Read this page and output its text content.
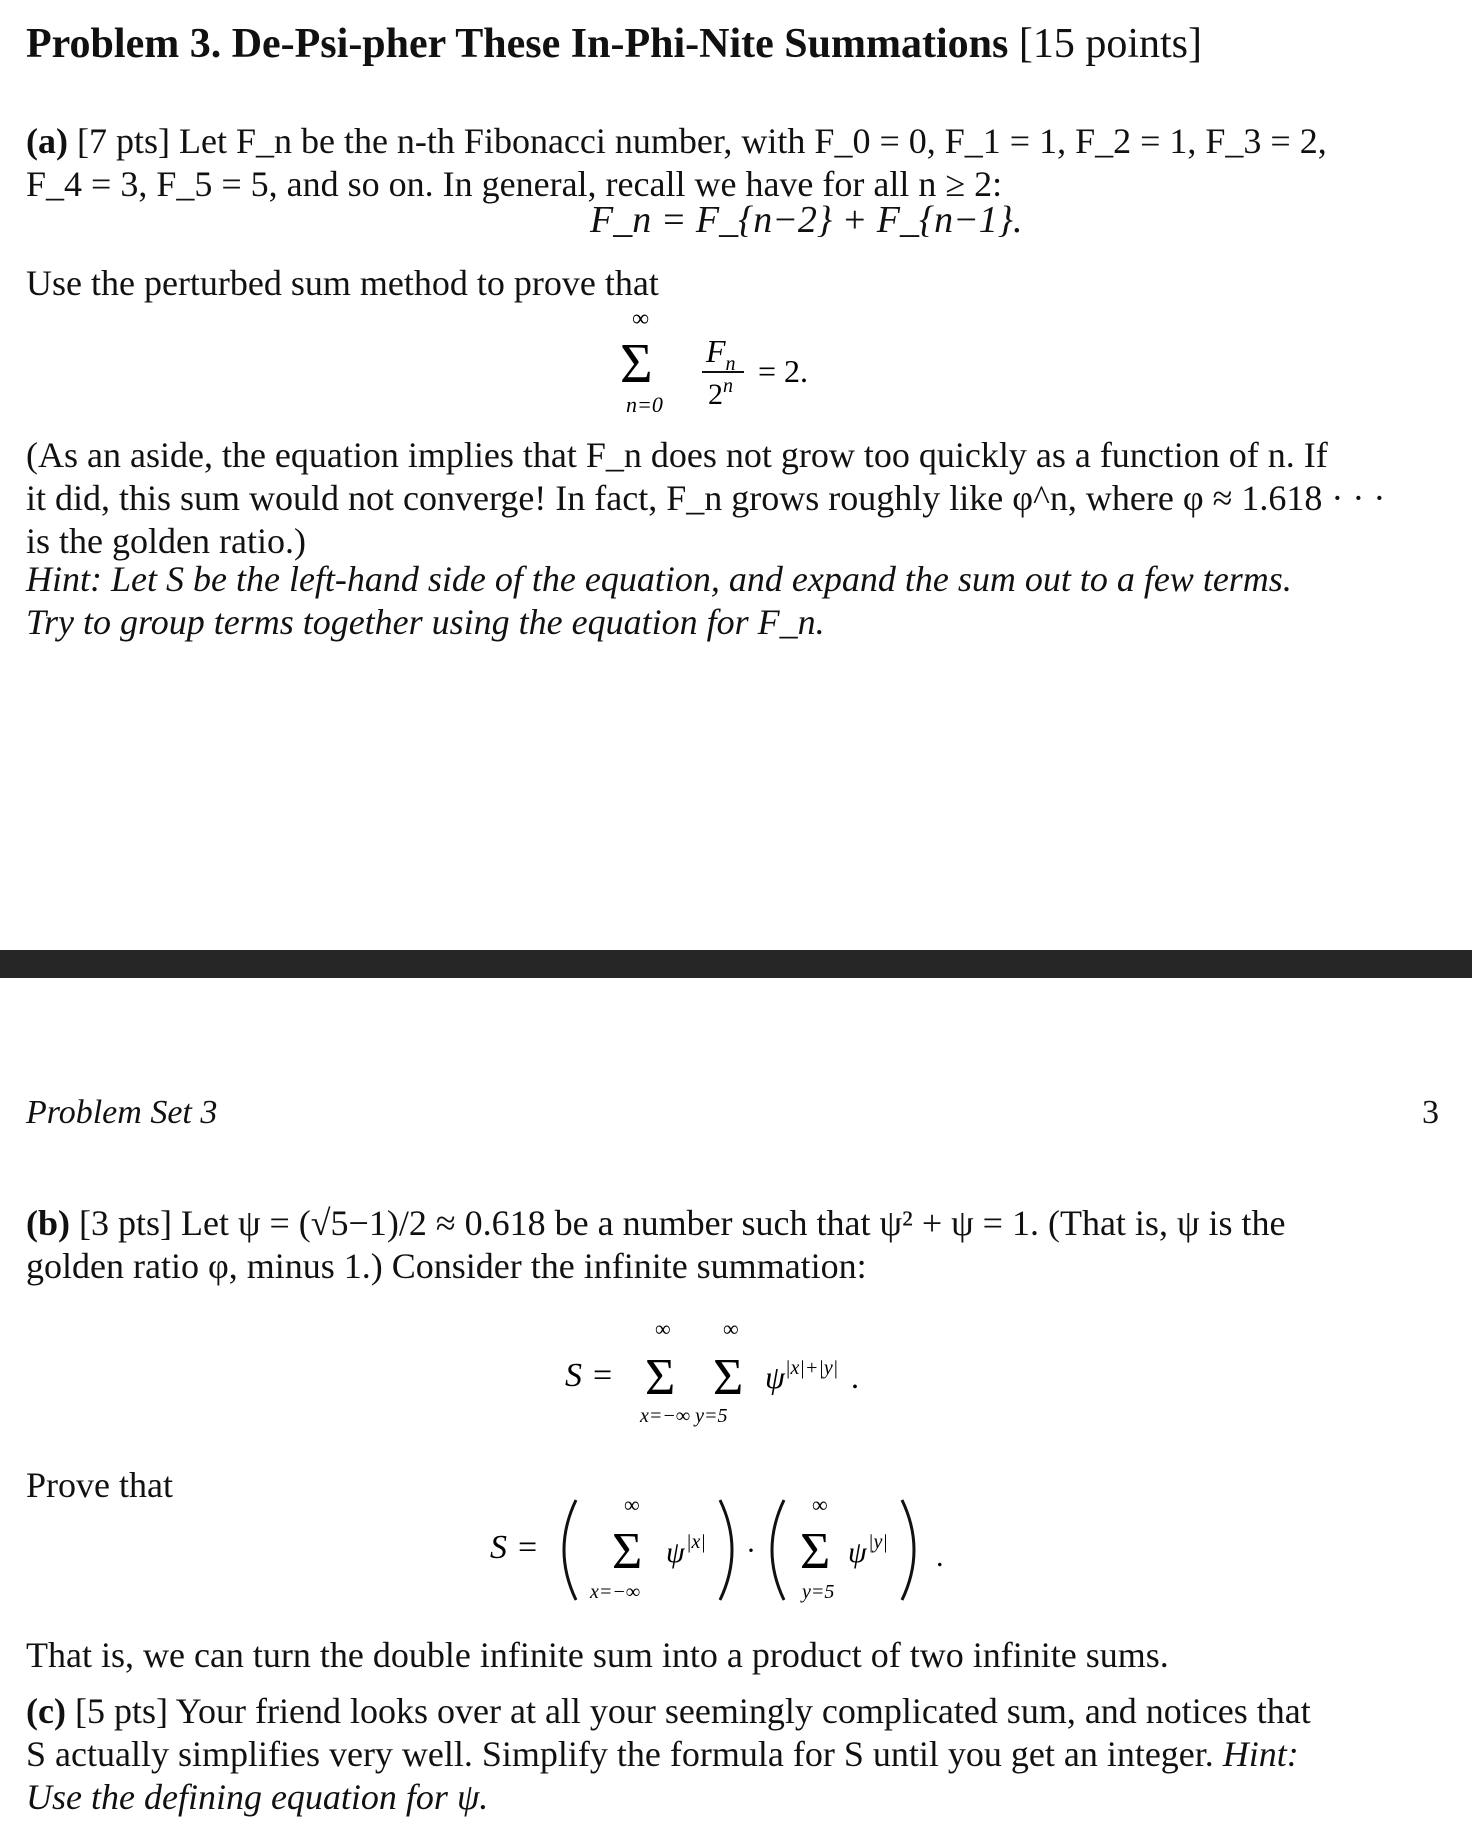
Problem 3. De-Psi-pher These In-Phi-Nite Summations [15 points]
(a) [7 pts] Let F_n be the n-th Fibonacci number, with F_0 = 0, F_1 = 1, F_2 = 1, F_3 = 2,
F_4 = 3, F_5 = 5, and so on. In general, recall we have for all n ≥ 2:
F_n = F_{n−2} + F_{n−1}.
Use the perturbed sum method to prove that
∞
Σ
n=0
$F_n$
$2^n = 2$.
(As an aside, the equation implies that F_n does not grow too quickly as a function of n. If
it did, this sum would not converge! In fact, F_n grows roughly like φ^n, where φ ≈ 1.618 · · ·
is the golden ratio.)
Hint: Let S be the left-hand side of the equation, and expand the sum out to a few terms.
Try to group terms together using the equation for F_n.
Problem Set 3	3
(b) [3 pts] Let ψ = (√5−1)/2 ≈ 0.618 be a number such that ψ² + ψ = 1. (That is, ψ is the
golden ratio φ, minus 1.) Consider the infinite summation:
S =
∞
Σ
∞
Σ ψ |x|+|y| .
x=−∞ y=5
Prove that
S =
∞
Σ ψ |x|
x=−∞
·
∞
Σ ψ |y|
y=5
.
That is, we can turn the double infinite sum into a product of two infinite sums.
(c) [5 pts] Your friend looks over at all your seemingly complicated sum, and notices that
S actually simplifies very well. Simplify the formula for S until you get an integer. Hint:
Use the defining equation for ψ.
